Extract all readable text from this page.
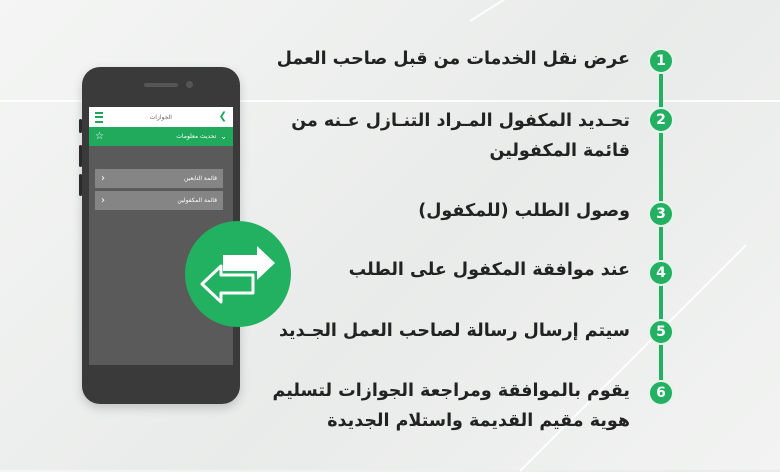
الجوازات	❮
☆	تحديث معلومات ⌄
›	قائمة التابعين
›	قائمة المكفولين
1
عرض نقل الخدمات من قبل صاحب العمل
2
تحـديد المكفول المـراد التنـازل عـنه من قائمة المكفولين
3
وصول الطلب (للمكفول)
4
عند موافقة المكفول على الطلب
5
سيتم إرسال رسالة لصاحب العمل الجـديد
6
يقوم بالموافقة ومراجعة الجوازات لتسليم هوية مقيم القديمة واستلام الجديدة
